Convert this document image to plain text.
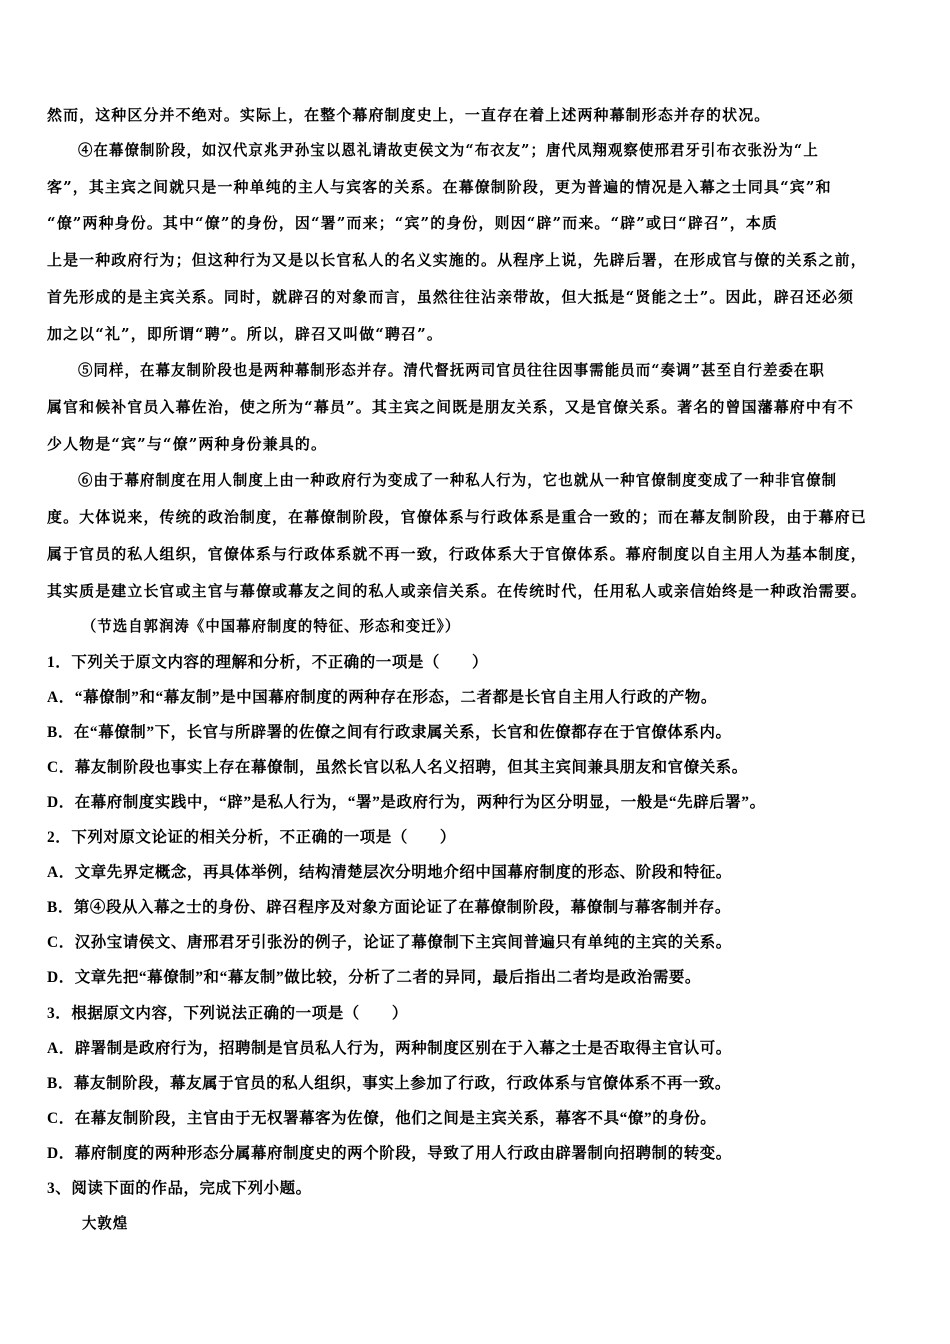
然而，这种区分并不绝对。实际上，在整个幕府制度史上，一直存在着上述两种幕制形态并存的状况。
④在幕僚制阶段，如汉代京兆尹孙宝以恩礼请故吏侯文为“布衣友”；唐代凤翔观察使邢君牙引布衣张汾为“上
客”，其主宾之间就只是一种单纯的主人与宾客的关系。在幕僚制阶段，更为普遍的情况是入幕之士同具“宾”和
“僚”两种身份。其中“僚”的身份，因“署”而来；“宾”的身份，则因“辟”而来。“辟”或曰“辟召”，本质
上是一种政府行为；但这种行为又是以长官私人的名义实施的。从程序上说，先辟后署，在形成官与僚的关系之前，
首先形成的是主宾关系。同时，就辟召的对象而言，虽然往往沾亲带故，但大抵是“贤能之士”。因此，辟召还必须
加之以“礼”，即所谓“聘”。所以，辟召又叫做“聘召”。
⑤同样，在幕友制阶段也是两种幕制形态并存。清代督抚两司官员往往因事需能员而“奏调”甚至自行差委在职
属官和候补官员入幕佐治，使之所为“幕员”。其主宾之间既是朋友关系，又是官僚关系。著名的曾国藩幕府中有不
少人物是“宾”与“僚”两种身份兼具的。
⑥由于幕府制度在用人制度上由一种政府行为变成了一种私人行为，它也就从一种官僚制度变成了一种非官僚制
度。大体说来，传统的政治制度，在幕僚制阶段，官僚体系与行政体系是重合一致的；而在幕友制阶段，由于幕府已
属于官员的私人组织，官僚体系与行政体系就不再一致，行政体系大于官僚体系。幕府制度以自主用人为基本制度，
其实质是建立长官或主官与幕僚或幕友之间的私人或亲信关系。在传统时代，任用私人或亲信始终是一种政治需要。
（节选自郭润涛《中国幕府制度的特征、形态和变迁》）
1．下列关于原文内容的理解和分析，不正确的一项是（　　）
A．“幕僚制”和“幕友制”是中国幕府制度的两种存在形态，二者都是长官自主用人行政的产物。
B．在“幕僚制”下，长官与所辟署的佐僚之间有行政隶属关系，长官和佐僚都存在于官僚体系内。
C．幕友制阶段也事实上存在幕僚制，虽然长官以私人名义招聘，但其主宾间兼具朋友和官僚关系。
D．在幕府制度实践中，“辟”是私人行为，“署”是政府行为，两种行为区分明显，一般是“先辟后署”。
2．下列对原文论证的相关分析，不正确的一项是（　　）
A．文章先界定概念，再具体举例，结构清楚层次分明地介绍中国幕府制度的形态、阶段和特征。
B．第④段从入幕之士的身份、辟召程序及对象方面论证了在幕僚制阶段，幕僚制与幕客制并存。
C．汉孙宝请侯文、唐邢君牙引张汾的例子，论证了幕僚制下主宾间普遍只有单纯的主宾的关系。
D．文章先把“幕僚制”和“幕友制”做比较，分析了二者的异同，最后指出二者均是政治需要。
3．根据原文内容，下列说法正确的一项是（　　）
A．辟署制是政府行为，招聘制是官员私人行为，两种制度区别在于入幕之士是否取得主官认可。
B．幕友制阶段，幕友属于官员的私人组织，事实上参加了行政，行政体系与官僚体系不再一致。
C．在幕友制阶段，主官由于无权署幕客为佐僚，他们之间是主宾关系，幕客不具“僚”的身份。
D．幕府制度的两种形态分属幕府制度史的两个阶段，导致了用人行政由辟署制向招聘制的转变。
3、阅读下面的作品，完成下列小题。
大敦煌
